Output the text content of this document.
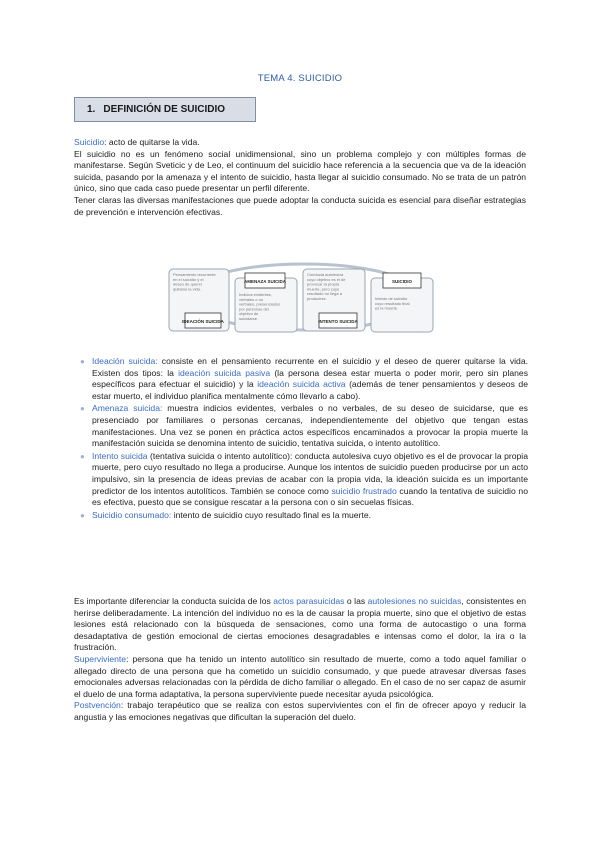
TEMA 4. SUICIDIO
1. DEFINICIÓN DE SUICIDIO
Suicidio: acto de quitarse la vida.
El suicidio no es un fenómeno social unidimensional, sino un problema complejo y con múltiples formas de manifestarse. Según Sveticic y de Leo, el continuum del suicidio hace referencia a la secuencia que va de la ideación suicida, pasando por la amenaza y el intento de suicidio, hasta llegar al suicidio consumado. No se trata de un patrón único, sino que cada caso puede presentar un perfil diferente.
Tener claras las diversas manifestaciones que puede adoptar la conducta suicida es esencial para diseñar estrategias de prevención e intervención efectivas.
Pensamiento recurrente en el suicidio y el deseo de querer quitarse la vida.
IDEACIÓN SUICIDA
AMENAZA SUICIDA
Indicios evidentes, verbales o no verbales, presenciados por personas del objetivo de suicidarse.
Conducta autolesiva cuyo objetivo es el de provocar la propia muerte, pero cuyo resultado no llega a producirse.
INTENTO SUICIDA
SUICIDIO
Intento de suicidio cuyo resultado final es la muerte.
● Ideación suicida: consiste en el pensamiento recurrente en el suicidio y el deseo de querer quitarse la vida. Existen dos tipos: la ideación suicida pasiva (la persona desea estar muerta o poder morir, pero sin planes específicos para efectuar el suicidio) y la ideación suicida activa (además de tener pensamientos y deseos de estar muerto, el individuo planifica mentalmente cómo llevarlo a cabo).
● Amenaza suicida: muestra indicios evidentes, verbales o no verbales, de su deseo de suicidarse, que es presenciado por familiares o personas cercanas, independientemente del objetivo que tengan estas manifestaciones. Una vez se ponen en práctica actos específicos encaminados a provocar la propia muerte la manifestación suicida se denomina intento de suicidio, tentativa suicida, o intento autolítico.
● Intento suicida (tentativa suicida o intento autolítico): conducta autolesiva cuyo objetivo es el de provocar la propia muerte, pero cuyo resultado no llega a producirse. Aunque los intentos de suicidio pueden producirse por un acto impulsivo, sin la presencia de ideas previas de acabar con la propia vida, la ideación suicida es un importante predictor de los intentos autolíticos. También se conoce como suicidio frustrado cuando la tentativa de suicidio no es efectiva, puesto que se consigue rescatar a la persona con o sin secuelas físicas.
● Suicidio consumado: intento de suicidio cuyo resultado final es la muerte.
Es importante diferenciar la conducta suicida de los actos parasuicidas o las autolesiones no suicidas, consistentes en herirse deliberadamente. La intención del individuo no es la de causar la propia muerte, sino que el objetivo de estas lesiones está relacionado con la búsqueda de sensaciones, como una forma de autocastigo o una forma desadaptativa de gestión emocional de ciertas emociones desagradables e intensas como el dolor, la ira o la frustración.
Superviviente: persona que ha tenido un intento autolítico sin resultado de muerte, como a todo aquel familiar o allegado directo de una persona que ha cometido un suicidio consumado, y que puede atravesar diversas fases emocionales adversas relacionadas con la pérdida de dicho familiar o allegado. En el caso de no ser capaz de asumir el duelo de una forma adaptativa, la persona superviviente puede necesitar ayuda psicológica.
Postvención: trabajo terapéutico que se realiza con estos supervivientes con el fin de ofrecer apoyo y reducir la angustia y las emociones negativas que dificultan la superación del duelo.
